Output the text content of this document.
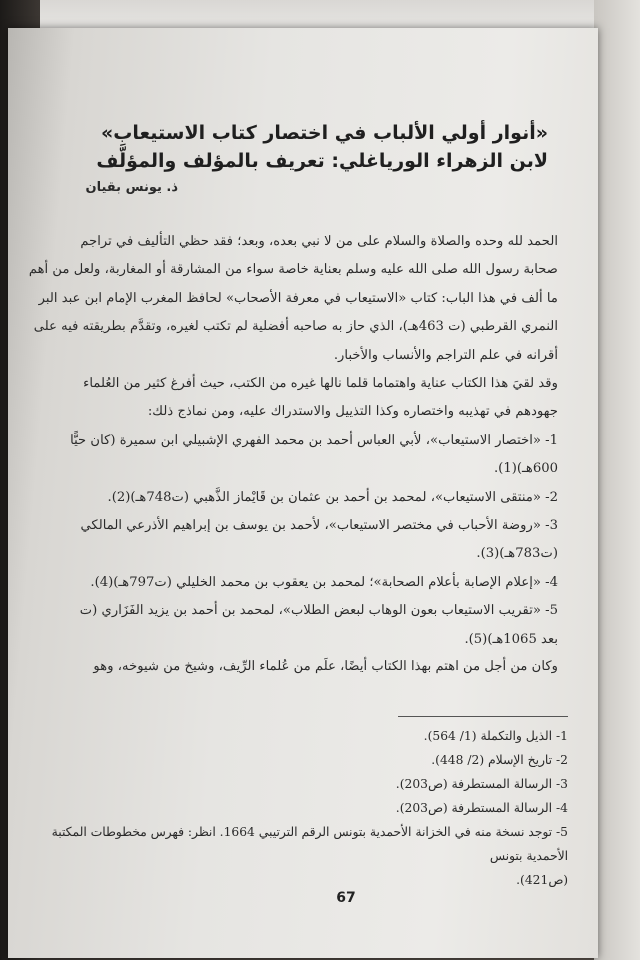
«أنوار أولي الألباب في اختصار كتاب الاستيعاب»
لابن الزهراء الورياغلي: تعريف بالمؤلف والمؤلَّف
ذ. يونس بقيان

الحمد لله وحده والصلاة والسلام على من لا نبي بعده، وبعد؛ فقد حظي التأليف في تراجم

صحابة رسول الله صلى الله عليه وسلم بعناية خاصة سواء من المشارقة أو المغاربة، ولعل من أهم

ما ألف في هذا الباب: كتاب «الاستيعاب في معرفة الأصحاب» لحافظ المغرب الإمام ابن عبد البر

النمري القرطبي (ت 463هـ)، الذي حاز به صاحبه أفضلية لم تكتب لغيره، وتقدَّم بطريقته فيه على

أقرانه في علم التراجم والأنساب والأخبار.

وقد لقيَ هذا الكتاب عناية واهتماما قلما نالها غيره من الكتب، حيث أفرغ كثير من العُلماء

جهودهم في تهذيبه واختصاره وكذا التذييل والاستدراك عليه، ومن نماذج ذلك:

1- «اختصار الاستيعاب»، لأبي العباس أحمد بن محمد الفهري الإشبيلي ابن سميرة (كان حيًّا

600هـ)(1).

2- «منتقى الاستيعاب»، لمحمد بن أحمد بن عثمان بن قَايْماز الذَّهبي (ت748هـ)(2).

3- «روضة الأحباب في مختصر الاستيعاب»، لأحمد بن يوسف بن إبراهيم الأذرعي المالكي

(ت783هـ)(3).

4- «إعلام الإصابة بأعلام الصحابة»؛ لمحمد بن يعقوب بن محمد الخليلي (ت797هـ)(4).

5- «تقريب الاستيعاب بعون الوهاب لبعض الطلاب»، لمحمد بن أحمد بن يزيد الفَزَاري (ت

بعد 1065هـ)(5).

وكان من أجل من اهتم بهذا الكتاب أيضًا، علَم من عُلماء الرِّيف، وشيخ من شيوخه، وهو
1- الذيل والتكملة (1/ 564).
2- تاريخ الإسلام (2/ 448).
3- الرسالة المستطرفة (ص203).
4- الرسالة المستطرفة (ص203).
5- توجد نسخة منه في الخزانة الأحمدية بتونس الرقم الترتيبي 1664. انظر: فهرس مخطوطات المكتبة الأحمدية بتونس
(ص421).
67
